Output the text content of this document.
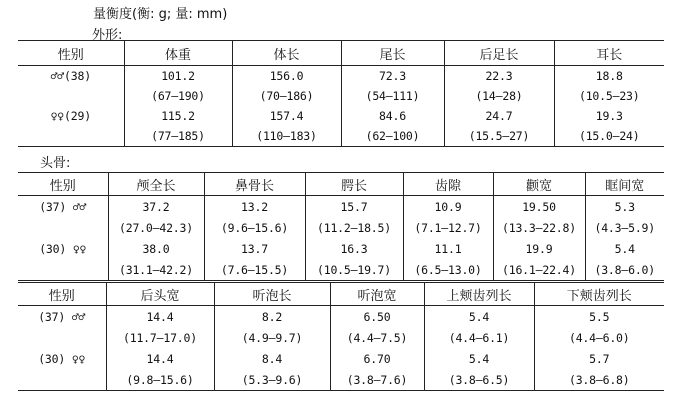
量衡度(衡: g; 量: mm)
外形:
性别	体重	体长	尾长	后足长	耳长
♂♂(38)	101.2	156.0	72.3	22.3	18.8
	(67—190)	(70—186)	(54—111)	(14—28)	(10.5—23)
♀♀(29)	115.2	157.4	84.6	24.7	19.3
	(77—185)	(110—183)	(62—100)	(15.5—27)	(15.0—24)
头骨:
性别	颅全长	鼻骨长	腭长	齿隙	颧宽	眶间宽
(37) ♂♂	37.2	13.2	15.7	10.9	19.50	5.3
	(27.0—42.3)	(9.6—15.6)	(11.2—18.5)	(7.1—12.7)	(13.3—22.8)	(4.3—5.9)
(30) ♀♀	38.0	13.7	16.3	11.1	19.9	5.4
	(31.1—42.2)	(7.6—15.5)	(10.5—19.7)	(6.5—13.0)	(16.1—22.4)	(3.8—6.0)
性别	后头宽	听泡长	听泡宽	上颊齿列长	下颊齿列长
(37) ♂♂	14.4	8.2	6.50	5.4	5.5
	(11.7—17.0)	(4.9—9.7)	(4.4—7.5)	(4.4—6.1)	(4.4—6.0)
(30) ♀♀	14.4	8.4	6.70	5.4	5.7
	(9.8—15.6)	(5.3—9.6)	(3.8—7.6)	(3.8—6.5)	(3.8—6.8)
